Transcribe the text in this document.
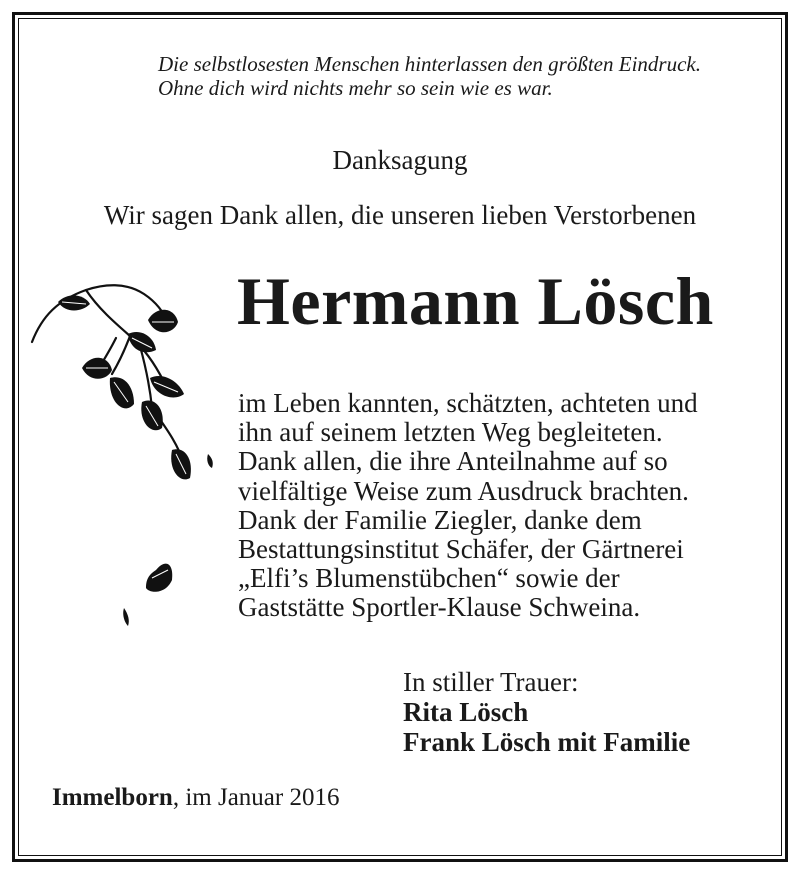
Die selbstlosesten Menschen hinterlassen den größten Eindruck.
Ohne dich wird nichts mehr so sein wie es war.
Danksagung
Wir sagen Dank allen, die unseren lieben Verstorbenen
Hermann Lösch
im Leben kannten, schätzten, achteten und
ihn auf seinem letzten Weg begleiteten.
Dank allen, die ihre Anteilnahme auf so
vielfältige Weise zum Ausdruck brachten.
Dank der Familie Ziegler, danke dem
Bestattungsinstitut Schäfer, der Gärtnerei
„Elfi’s Blumenstübchen“ sowie der
Gaststätte Sportler-Klause Schweina.
In stiller Trauer:
Rita Lösch
Frank Lösch mit Familie
Immelborn, im Januar 2016
